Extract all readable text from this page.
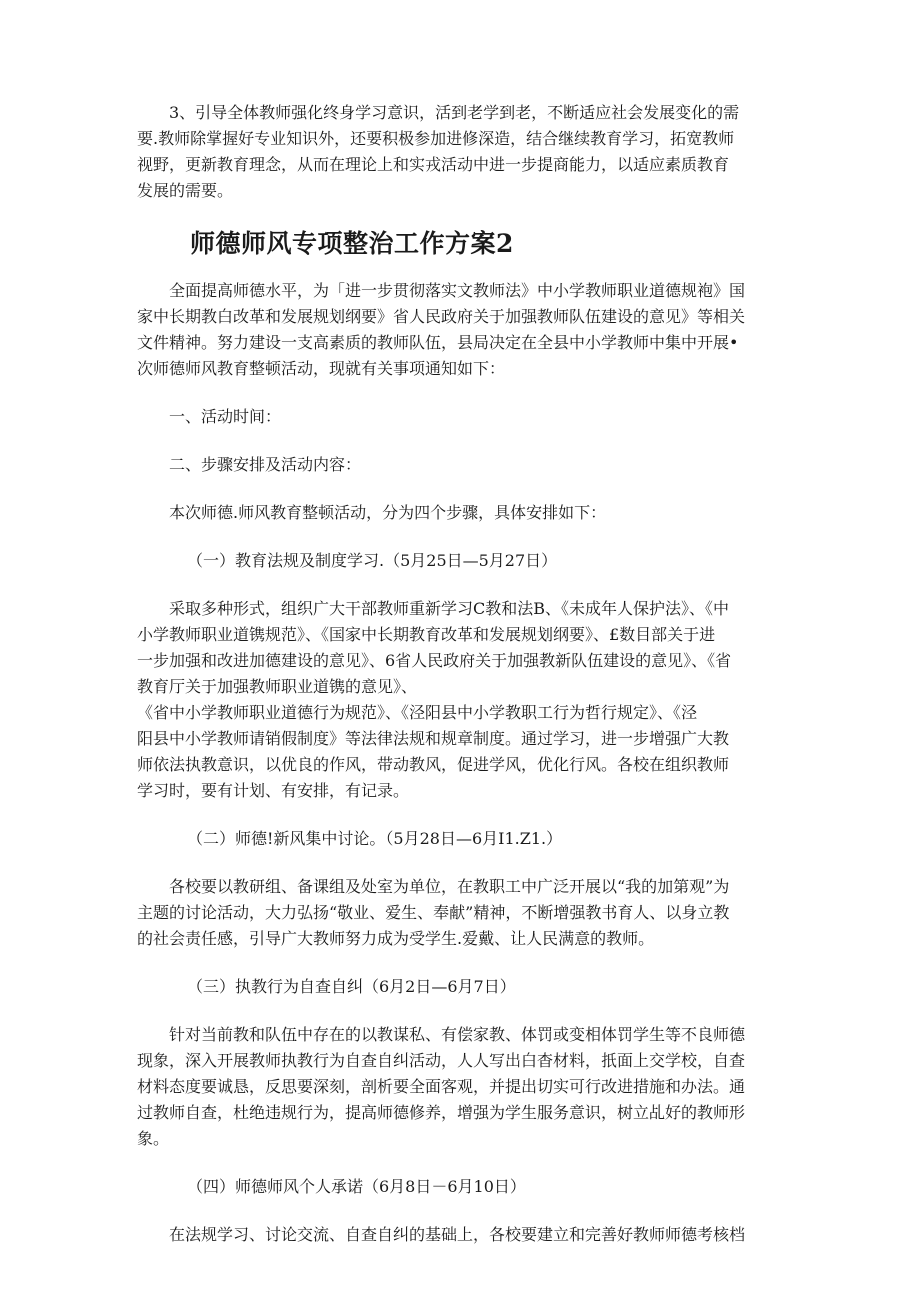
3、引导全体教师强化终身学习意识，活到老学到老，不断适应社会发展变化的需
要.教师除掌握好专业知识外，还要积极参加进修深造，结合继续教育学习，拓宽教师
视野，更新教育理念，从而在理论上和实戎活动中进一步提商能力，以适应素质教育
发展的需要。
师德师风专项整治工作方案2
全面提高师德水平，为「进一步贯彻落实文教师法》中小学教师职业道德规袍》国
家中长期教白改革和发展规划纲要》省人民政府关于加强教师队伍建设的意见》等相关
文件精神。努力建设一支高素质的教师队伍，县局决定在全县中小学教师中集中开展•
次师德师风教育整顿活动，现就有关事项通知如下：
一、活动时间：
二、步骤安排及活动内容：
本次师德.师风教育整顿活动，分为四个步骤，具体安排如下：
（一）教育法规及制度学习.（5月25日—5月27日）
采取多种形式，组织广大干部教师重新学习C教和法B、《未成年人保护法》、《中
小学教师职业道镌规范》、《国家中长期教育改革和发展规划纲要》、£数目部关于进
一步加强和改进加德建设的意见》、6省人民政府关于加强教新队伍建设的意见》、《省
教育厅关于加强教师职业道镌的意见》、
《省中小学教师职业道德行为规范》、《泾阳县中小学教职工行为哲行规定》、《泾
阳县中小学教师请销假制度》等法律法规和规章制度。通过学习，进一步增强广大教
师依法执教意识，以优良的作风，带动教风，促进学风，优化行风。各校在组织教师
学习时，要有计划、有安排，有记录。
（二）师德!新风集中讨论。（5月28日—6月I1.Z1.）
各校要以教研组、备课组及处室为单位，在教职工中广泛开展以“我的加第观”为
主题的讨论活动，大力弘扬“敬业、爱生、奉献”精神，不断增强教书育人、以身立教
的社会责任感，引导广大教师努力成为受学生.爱戴、让人民满意的教师。
（三）执教行为自查自纠（6月2日—6月7日）
针对当前教和队伍中存在的以教谋私、有偿家教、体罚或变相体罚学生等不良师德
现象，深入开展教师执教行为自查自纠活动，人人写出白杳材料，扺面上交学校，自查
材料态度要诚恳，反思要深刻，剖析要全面客观，并提出切实可行改进措施和办法。通
过教师自查，杜绝违规行为，提高师德修养，增强为学生服务意识，树立乩好的教师形
象。
（四）师德师风个人承诺（6月8日－6月10日）
在法规学习、讨论交流、自查自纠的基础上，各校要建立和完善好教师师德考核档
